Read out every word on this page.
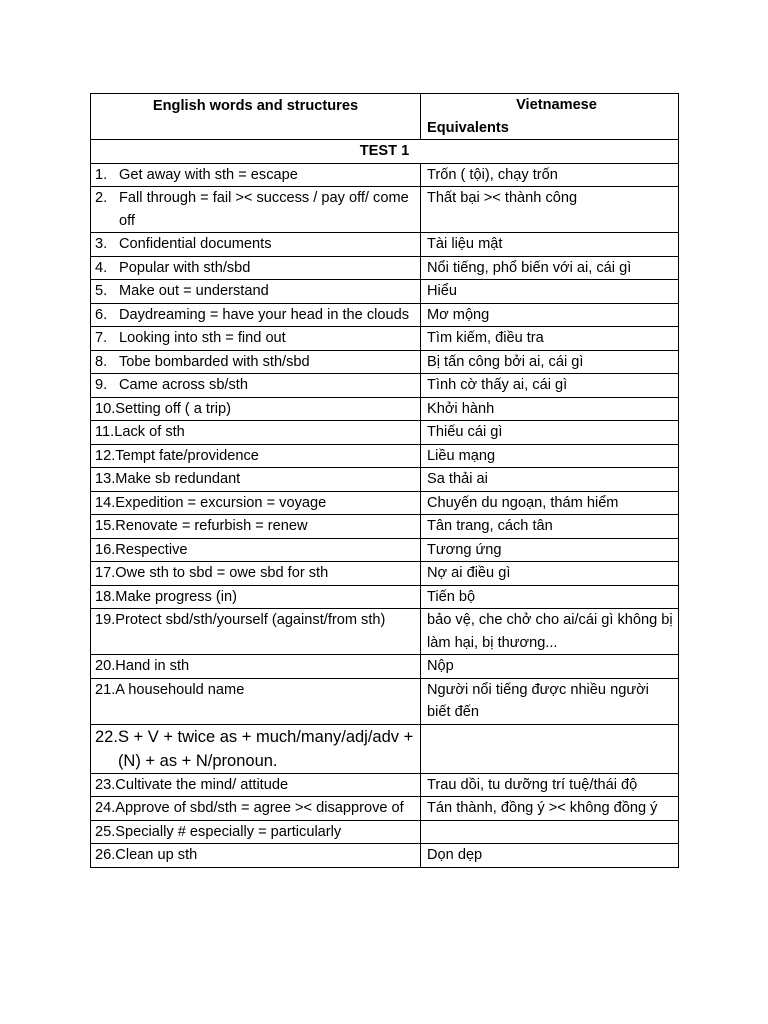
English words and structures	Vietnamese
Equivalents

TEST 1	

1. Get away with sth = escape	Trốn ( tội), chạy trốn

2. Fall through = fail >< success / pay off/ come off	Thất bại >< thành công

3. Confidential documents	Tài liệu mật

4. Popular with sth/sbd	Nổi tiếng, phổ biến với ai, cái gì

5. Make out = understand	Hiểu

6. Daydreaming = have your head in the clouds	Mơ mộng

7. Looking into sth = find out	Tìm kiếm, điều tra

8. Tobe bombarded with sth/sbd	Bị tấn công bởi ai, cái gì

9. Came across sb/sth	Tình cờ thấy ai, cái gì

10. Setting off ( a trip)	Khởi hành

11. Lack of sth	Thiếu cái gì

12. Tempt fate/providence	Liều mạng

13. Make sb redundant	Sa thải ai

14. Expedition = excursion = voyage	Chuyến du ngoạn, thám hiểm

15. Renovate = refurbish = renew	Tân trang, cách tân

16. Respective	Tương ứng

17. Owe sth to sbd = owe sbd for sth	Nợ ai điều gì

18. Make progress (in)	Tiến bộ

19. Protect sbd/sth/yourself (against/from sth)	bảo vệ, che chở cho ai/cái gì không bị làm hại, bị thương...

20. Hand in sth	Nộp

21. A househould name	Người nổi tiếng được nhiều người biết đến

22. S + V + twice as + much/many/adj/adv + (N) + as + N/pronoun.	

23. Cultivate the mind/ attitude	Trau dồi, tu dưỡng trí tuệ/thái độ

24. Approve of sbd/sth = agree >< disapprove of	Tán thành, đồng ý >< không đồng ý

25. Specially # especially = particularly	

26. Clean up sth	Dọn dẹp
